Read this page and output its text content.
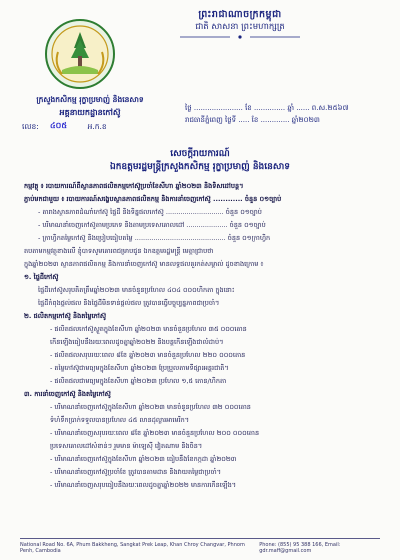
ព្រះរាជាណាចក្រកម្ពុជា
ជាតិ សាសនា ព្រះមហាក្សត្រ
ក្រសួងកសិកម្ម រុក្ខាប្រមាញ់ និងនេសាទ
អគ្គនាយកដ្ឋានកៅស៊ូ
លេខ:	អ.ក.ខ
៤០៥
ថ្ងៃ ...................... ខែ .............. ឆ្នាំ ...... ព.ស.២៥៦៧
រាជធានីភ្នំពេញ ថ្ងៃទី ..... ខែ ............. ឆ្នាំ២០២៣
សេចក្តីរាយការណ៍
ឯកឧត្តមរដ្ឋមន្ត្រីក្រសួងកសិកម្ម រុក្ខាប្រមាញ់ និងនេសាទ
កម្មវត្ថុ ៖ របាយការណ៍ពីស្ថានភាពផលិតកម្មកៅស៊ូប្រចាំខែសីហា ឆ្នាំ២០២៣ និងទិសដៅបន្ត។
ភ្ជាប់មកជាមួយ ៖ របាយការណ៍សង្ខេបស្ថានភាពផលិតកម្ម និងការនាំចេញកៅស៊ូ ............ ចំនួន ០១ច្បាប់
- តារាងស្ថានភាពដំណាំកៅស៊ូ ផ្ទៃដី និងទិន្នផលកៅស៊ូ ............................ ចំនួន ០១ច្បាប់
- បរិមាណនាំចេញកៅស៊ូតាមប្រភេទ និងតាមប្រទេសគោលដៅ .................... ចំនួន ០១ច្បាប់
- ក្រាហ្វិកតម្លៃកៅស៊ូ និងប្រៀបធៀបតម្លៃ ............................................ ចំនួន ០១ក្រាហ្វិក
តបតាមកម្មវត្ថុខាងលើ ខ្ញុំបាទសូមគោរពជម្រាបជូន ឯកឧត្តមរដ្ឋមន្ត្រី មេត្តាជ្រាបថា
ក្នុងឆ្នាំ២០២៣ ស្ថានភាពផលិតកម្ម និងការនាំចេញកៅស៊ូ មានលទ្ធផលគួរកត់សម្គាល់ ដូចខាងក្រោម ៖
១. ផ្ទៃដីកៅស៊ូ
ផ្ទៃដីកៅស៊ូសរុបគិតត្រឹមឆ្នាំ២០២៣ មានចំនួនប្រហែល ៤០៤ ០០០ហិកតា ក្នុងនោះ
ផ្ទៃដីកំពុងផ្តល់ផល និងផ្ទៃដីមិនទាន់ផ្តល់ផល ត្រូវបានធ្វើបច្ចុប្បន្នភាពជាប្រចាំ។
២. ផលិតកម្មកៅស៊ូ និងតម្លៃកៅស៊ូ
- ផលិតផលកៅស៊ូស្ងួតក្នុងខែសីហា ឆ្នាំ២០២៣ មានចំនួនប្រហែល ៣៥ ០០០តោន
កើនឡើងធៀបនឹងរយៈពេលដូចគ្នាឆ្នាំ២០២២ និងបន្តកើនឡើងជាលំដាប់។
- ផលិតផលសរុបរយៈពេល ៨ខែ ឆ្នាំ២០២៣ មានចំនួនប្រហែល ២២០ ០០០តោន
- តម្លៃកៅស៊ូជាមធ្យមក្នុងខែសីហា ឆ្នាំ២០២៣ ប្រែប្រួលតាមទីផ្សារអន្តរជាតិ។
- ផលិតផលជាមធ្យមក្នុងខែសីហា ឆ្នាំ២០២៣ ប្រហែល ១,៥ តោន/ហិកតា
៣. ការនាំចេញកៅស៊ូ និងតម្លៃកៅស៊ូ
- បរិមាណនាំចេញកៅស៊ូក្នុងខែសីហា ឆ្នាំ២០២៣ មានចំនួនប្រហែល ៣២ ០០០តោន
ទំហំទឹកប្រាក់ទទួលបានប្រហែល ៤៥ លានដុល្លារអាមេរិក។
- បរិមាណនាំចេញសរុបរយៈពេល ៨ខែ ឆ្នាំ២០២៣ មានចំនួនប្រហែល ២០០ ០០០តោន
ប្រទេសគោលដៅសំខាន់ៗ រួមមាន ម៉ាឡេស៊ី វៀតណាម និងចិន។
- បរិមាណនាំចេញកៅស៊ូក្នុងខែសីហា ឆ្នាំ២០២៣ ធៀបនឹងខែកក្កដា ឆ្នាំ២០២៣
- បរិមាណនាំចេញកៅស៊ូប្រចាំខែ ត្រូវបានតាមដាន និងវាយតម្លៃជាប្រចាំ។
- បរិមាណនាំចេញសរុបធៀបនឹងរយៈពេលដូចគ្នាឆ្នាំ២០២២ មានការកើនឡើង។
National Road No. 6A, Phum Bakkheng, Sangkat Prek Leap, Khan Chroy Changvar, Phnom Penh, Cambodia
Phone: (855) 95 388 166, Email: gdr.maff@gmail.com
